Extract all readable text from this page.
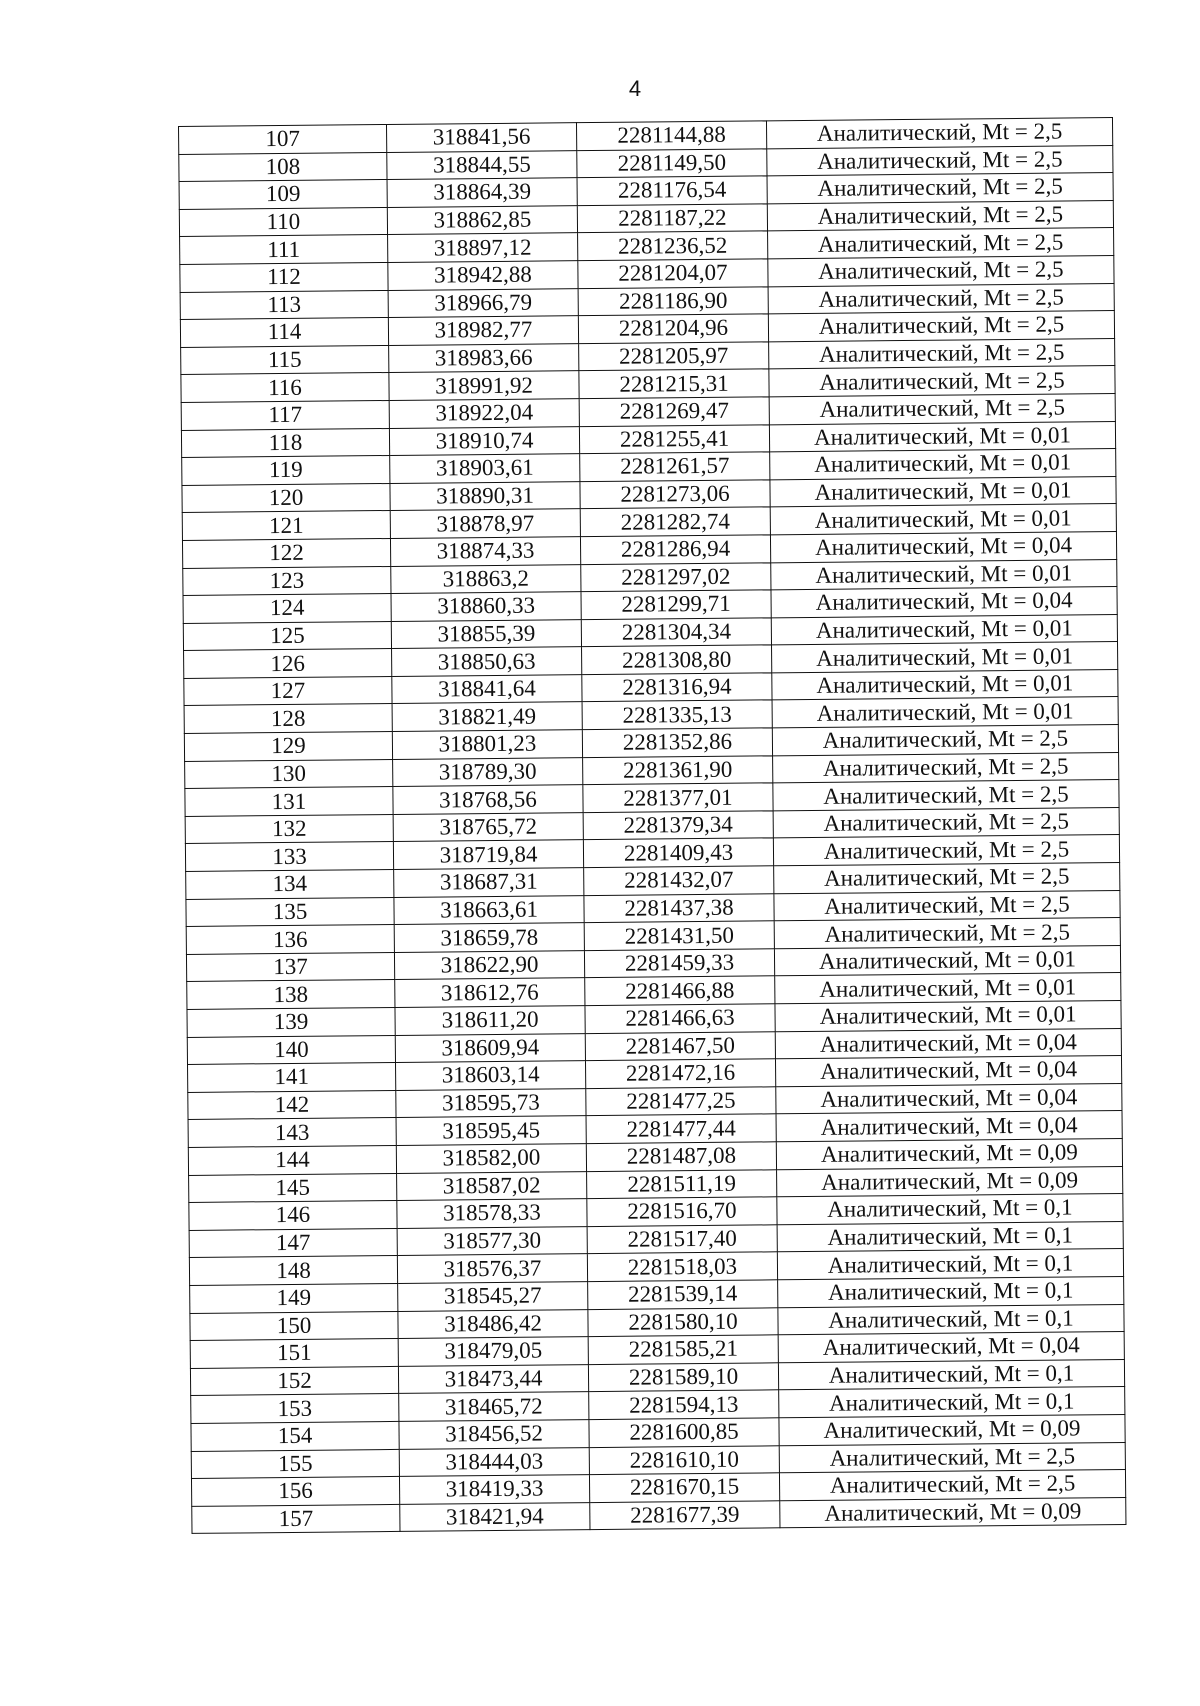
4
107	318841,56	2281144,88	Аналитический, Mt = 2,5
108	318844,55	2281149,50	Аналитический, Mt = 2,5
109	318864,39	2281176,54	Аналитический, Mt = 2,5
110	318862,85	2281187,22	Аналитический, Mt = 2,5
111	318897,12	2281236,52	Аналитический, Mt = 2,5
112	318942,88	2281204,07	Аналитический, Mt = 2,5
113	318966,79	2281186,90	Аналитический, Mt = 2,5
114	318982,77	2281204,96	Аналитический, Mt = 2,5
115	318983,66	2281205,97	Аналитический, Mt = 2,5
116	318991,92	2281215,31	Аналитический, Mt = 2,5
117	318922,04	2281269,47	Аналитический, Mt = 2,5
118	318910,74	2281255,41	Аналитический, Mt = 0,01
119	318903,61	2281261,57	Аналитический, Mt = 0,01
120	318890,31	2281273,06	Аналитический, Mt = 0,01
121	318878,97	2281282,74	Аналитический, Mt = 0,01
122	318874,33	2281286,94	Аналитический, Mt = 0,04
123	318863,2	2281297,02	Аналитический, Mt = 0,01
124	318860,33	2281299,71	Аналитический, Mt = 0,04
125	318855,39	2281304,34	Аналитический, Mt = 0,01
126	318850,63	2281308,80	Аналитический, Mt = 0,01
127	318841,64	2281316,94	Аналитический, Mt = 0,01
128	318821,49	2281335,13	Аналитический, Mt = 0,01
129	318801,23	2281352,86	Аналитический, Mt = 2,5
130	318789,30	2281361,90	Аналитический, Mt = 2,5
131	318768,56	2281377,01	Аналитический, Mt = 2,5
132	318765,72	2281379,34	Аналитический, Mt = 2,5
133	318719,84	2281409,43	Аналитический, Mt = 2,5
134	318687,31	2281432,07	Аналитический, Mt = 2,5
135	318663,61	2281437,38	Аналитический, Mt = 2,5
136	318659,78	2281431,50	Аналитический, Mt = 2,5
137	318622,90	2281459,33	Аналитический, Mt = 0,01
138	318612,76	2281466,88	Аналитический, Mt = 0,01
139	318611,20	2281466,63	Аналитический, Mt = 0,01
140	318609,94	2281467,50	Аналитический, Mt = 0,04
141	318603,14	2281472,16	Аналитический, Mt = 0,04
142	318595,73	2281477,25	Аналитический, Mt = 0,04
143	318595,45	2281477,44	Аналитический, Mt = 0,04
144	318582,00	2281487,08	Аналитический, Mt = 0,09
145	318587,02	2281511,19	Аналитический, Mt = 0,09
146	318578,33	2281516,70	Аналитический, Mt = 0,1
147	318577,30	2281517,40	Аналитический, Mt = 0,1
148	318576,37	2281518,03	Аналитический, Mt = 0,1
149	318545,27	2281539,14	Аналитический, Mt = 0,1
150	318486,42	2281580,10	Аналитический, Mt = 0,1
151	318479,05	2281585,21	Аналитический, Mt = 0,04
152	318473,44	2281589,10	Аналитический, Mt = 0,1
153	318465,72	2281594,13	Аналитический, Mt = 0,1
154	318456,52	2281600,85	Аналитический, Mt = 0,09
155	318444,03	2281610,10	Аналитический, Mt = 2,5
156	318419,33	2281670,15	Аналитический, Mt = 2,5
157	318421,94	2281677,39	Аналитический, Mt = 0,09
